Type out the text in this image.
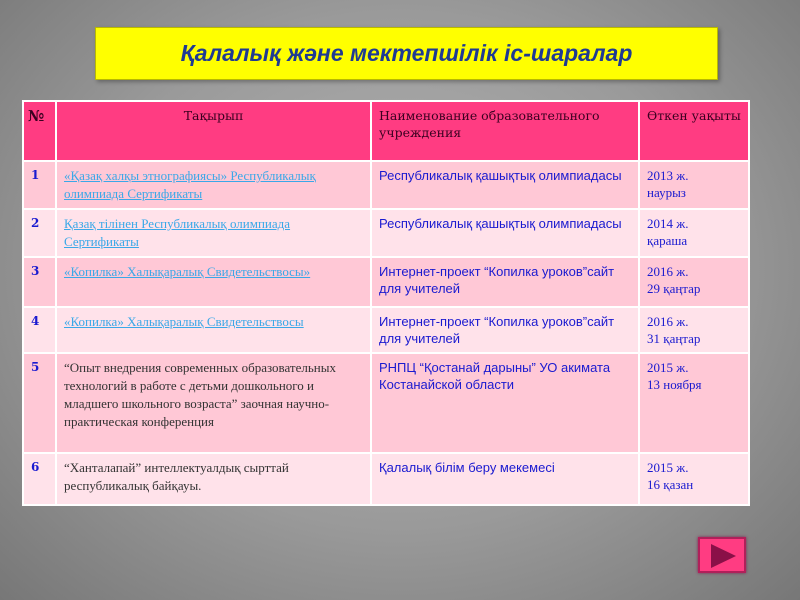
Қалалық және мектепшілік іс-шаралар
№	Тақырып	Наименование образовательного учреждения	Өткен уақыты
1	«Қазақ халқы этнографиясы» Республикалық олимпиада Сертификаты	Республикалық қашықтық олимпиадасы	2013 ж.
наурыз

2	Қазақ тілінен Республикалық олимпиада Сертификаты	Республикалық қашықтық олимпиадасы	2014 ж.
қараша

3	«Копилка» Халықаралық Свидетельствосы»	Интернет-проект “Копилка уроков”сайт для учителей	2016 ж.
29 қаңтар

4	«Копилка» Халықаралық Свидетельствосы	Интернет-проект “Копилка уроков”сайт для учителей	2016 ж.
31 қаңтар

5	“Опыт внедрения современных образовательных технологий в работе с детьми дошкольного и младшего школьного возраста” заочная научно-практическая конференция	РНПЦ “Қостанай дарыны” УО акимата Костанайской области	2015 ж.
13 ноября

6	“Ханталапай” интеллектуалдық сырттай республикалық байқауы.	Қалалық білім беру мекемесі	2015 ж.
16 қазан
